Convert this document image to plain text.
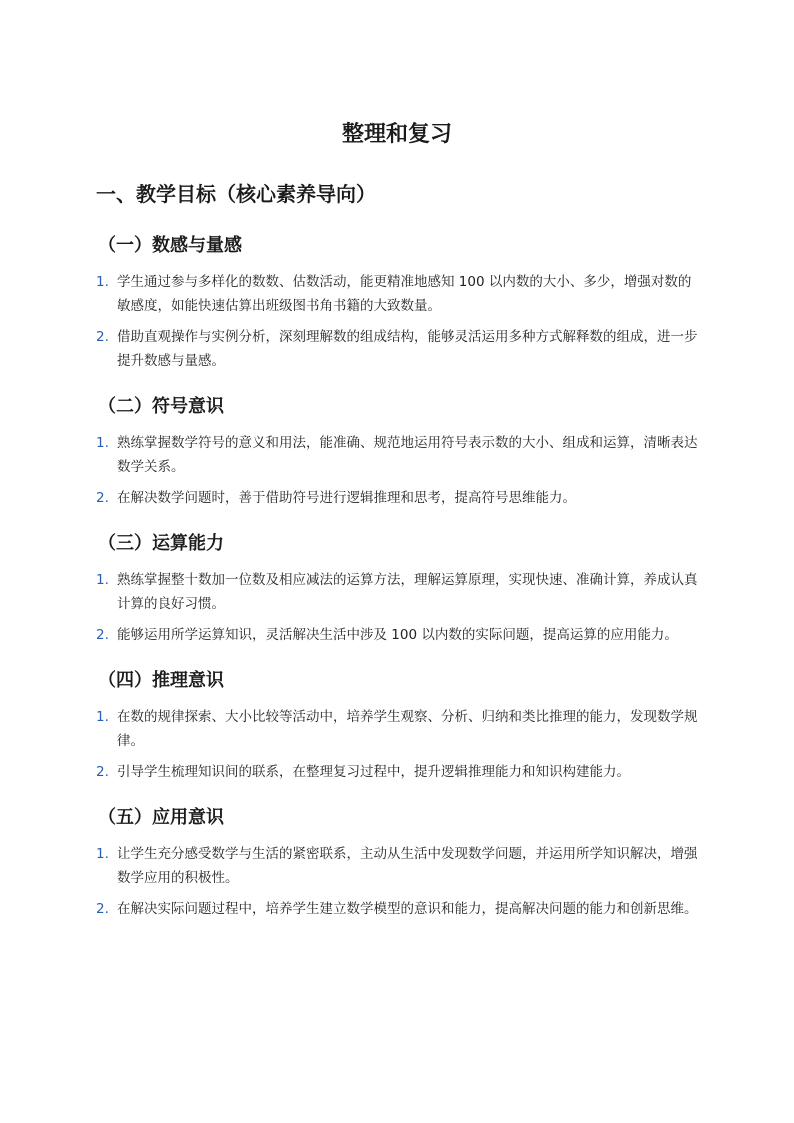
整理和复习
一、教学目标（核心素养导向）
（一）数感与量感
1. 学生通过参与多样化的数数、估数活动，能更精准地感知 100 以内数的大小、多少，增强对数的敏感度，如能快速估算出班级图书角书籍的大致数量。
2. 借助直观操作与实例分析，深刻理解数的组成结构，能够灵活运用多种方式解释数的组成，进一步提升数感与量感。
（二）符号意识
1. 熟练掌握数学符号的意义和用法，能准确、规范地运用符号表示数的大小、组成和运算，清晰表达数学关系。
2. 在解决数学问题时，善于借助符号进行逻辑推理和思考，提高符号思维能力。
（三）运算能力
1. 熟练掌握整十数加一位数及相应减法的运算方法，理解运算原理，实现快速、准确计算，养成认真计算的良好习惯。
2. 能够运用所学运算知识，灵活解决生活中涉及 100 以内数的实际问题，提高运算的应用能力。
（四）推理意识
1. 在数的规律探索、大小比较等活动中，培养学生观察、分析、归纳和类比推理的能力，发现数学规律。
2. 引导学生梳理知识间的联系，在整理复习过程中，提升逻辑推理能力和知识构建能力。
（五）应用意识
1. 让学生充分感受数学与生活的紧密联系，主动从生活中发现数学问题，并运用所学知识解决，增强数学应用的积极性。
2. 在解决实际问题过程中，培养学生建立数学模型的意识和能力，提高解决问题的能力和创新思维。
